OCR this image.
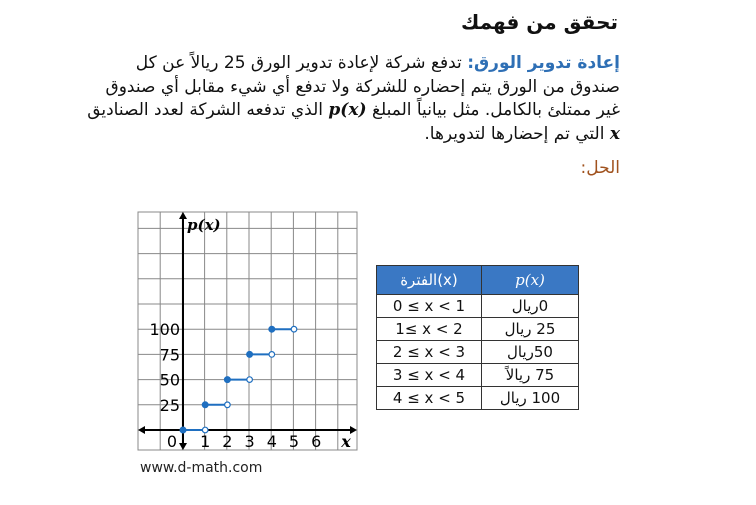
تحقق من فهمك
إعادة تدوير الورق: تدفع شركة لإعادة تدوير الورق 25 ريالاً عن كل صندوق من الورق يتم إحضاره للشركة ولا تدفع أي شيء مقابل أي صندوق غير ممتلئ بالكامل. مثل بيانياً المبلغ p(x) الذي تدفعه الشركة لعدد الصناديق x التي تم إحضارها لتدويرها.
الحل:
0 1 2 3 4 5 6
25
50
75
100
x
p(x)
الفترة(x)	p(x)
0 ≤ x < 1	0ريال
1≤ x < 2	25 ريال
2 ≤ x < 3	50ريال
3 ≤ x < 4	75 ريالاً
4 ≤ x < 5	100 ريال
www.d-math.com
